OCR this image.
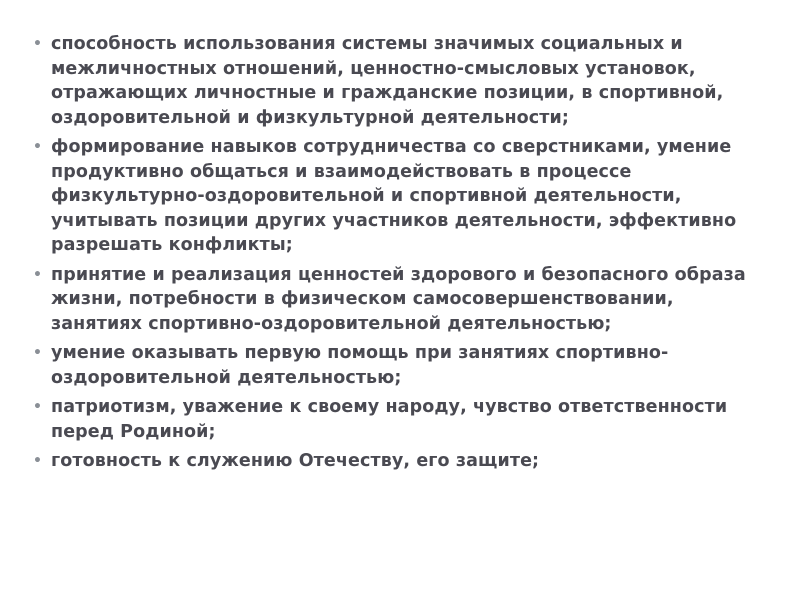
• способность использования системы значимых социальных и межличностных отношений, ценностно-смысловых установок, отражающих личностные и гражданские позиции, в спортивной, оздоровительной и физкультурной деятельности;
• формирование навыков сотрудничества со сверстниками, умение продуктивно общаться и взаимодействовать в процессе физкультурно-оздоровительной и спортивной деятельности, учитывать позиции других участников деятельности, эффективно разрешать конфликты;
• принятие и реализация ценностей здорового и безопасного образа жизни, потребности в физическом самосовершенствовании, занятиях спортивно-оздоровительной деятельностью;
• умение оказывать первую помощь при занятиях спортивно-оздоровительной деятельностью;
• патриотизм, уважение к своему народу, чувство ответственности перед Родиной;
• готовность к служению Отечеству, его защите;
